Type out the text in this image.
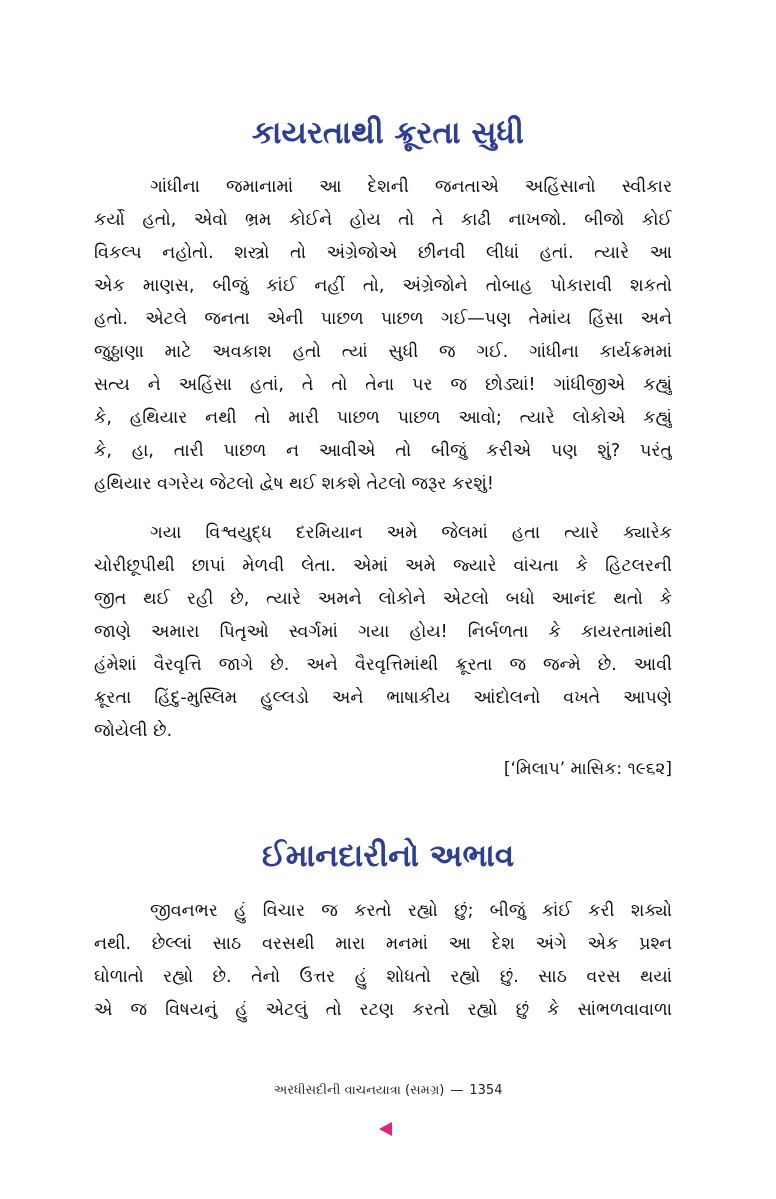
કાયરતાથી ક્રૂરતા સુધી
ગાંધીના જમાનામાં આ દેશની જનતાએ અહિંસાનો સ્વીકાર
કર્યો હતો, એવો ભ્રમ કોઈને હોય તો તે કાઢી નાખજો. બીજો કોઈ
વિકલ્પ નહોતો. શસ્ત્રો તો અંગ્રેજોએ છીનવી લીધાં હતાં. ત્યારે આ
એક માણસ, બીજું કાંઈ નહીં તો, અંગ્રેજોને તોબાહ પોકારાવી શકતો
હતો. એટલે જનતા એની પાછળ પાછળ ગઈ—પણ તેમાંય હિંસા અને
જુઠ્ઠાણા માટે અવકાશ હતો ત્યાં સુધી જ ગઈ. ગાંધીના કાર્યક્રમમાં
સત્ય ને અહિંસા હતાં, તે તો તેના પર જ છોડ્યાં! ગાંધીજીએ કહ્યું
કે, હથિયાર નથી તો મારી પાછળ પાછળ આવો; ત્યારે લોકોએ કહ્યું
કે, હા, તારી પાછળ ન આવીએ તો બીજું કરીએ પણ શું? પરંતુ
હથિયાર વગરેય જેટલો દ્વેષ થઈ શકશે તેટલો જરૂર કરશું!
ગયા વિશ્વયુદ્ધ દરમિયાન અમે જેલમાં હતા ત્યારે ક્યારેક
ચોરીછૂપીથી છાપાં મેળવી લેતા. એમાં અમે જ્યારે વાંચતા કે હિટલરની
જીત થઈ રહી છે, ત્યારે અમને લોકોને એટલો બધો આનંદ થતો કે
જાણે અમારા પિતૃઓ સ્વર્ગમાં ગયા હોય! નિર્બળતા કે કાયરતામાંથી
હંમેશાં વૈરવૃત્તિ જાગે છે. અને વૈરવૃત્તિમાંથી ક્રૂરતા જ જન્મે છે. આવી
ક્રૂરતા હિંદુ-મુસ્લિમ હુલ્લડો અને ભાષાકીય આંદોલનો વખતે આપણે
જોયેલી છે.
[‘મિલાપ’ માસિક: ૧૯૬૨]
ઈમાનદારીનો અભાવ
જીવનભર હું વિચાર જ કરતો રહ્યો છું; બીજું કાંઈ કરી શક્યો
નથી. છેલ્લાં સાઠ વરસથી મારા મનમાં આ દેશ અંગે એક પ્રશ્ન
ઘોળાતો રહ્યો છે. તેનો ઉત્તર હું શોધતો રહ્યો છું. સાઠ વરસ થયાં
એ જ વિષયનું હું એટલું તો રટણ કરતો રહ્યો છું કે સાંભળવાવાળા
અરધીસદીની વાચનયાત્રા (સમગ્ર) — 1354
